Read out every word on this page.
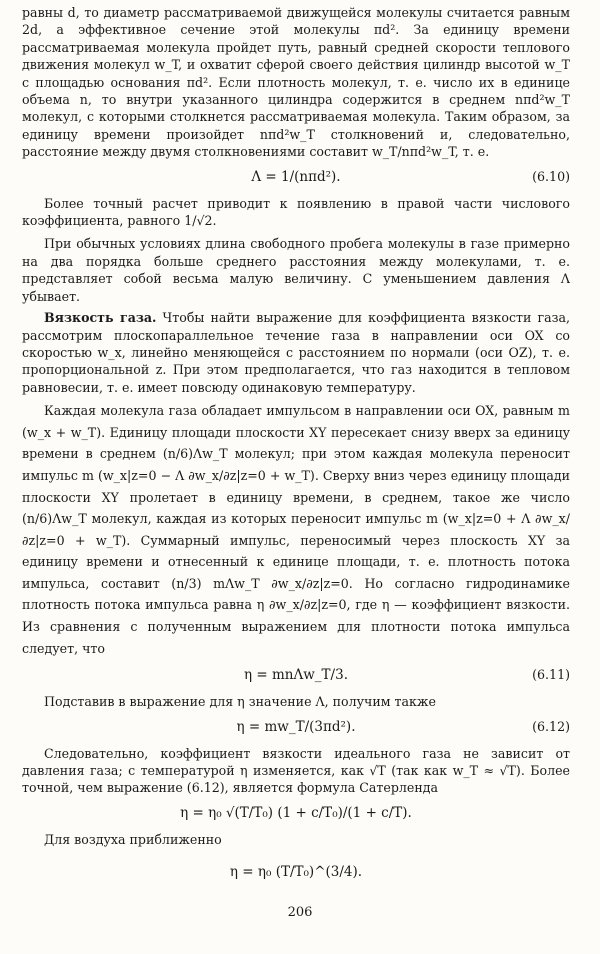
равны d, то диаметр рассматриваемой движущейся молекулы считается равным 2d, а эффективное сечение этой молекулы πd². За единицу времени рассматриваемая молекула пройдет путь, равный средней скорости теплового движения молекул w_T, и охватит сферой своего действия цилиндр высотой w_T с площадью основания πd². Если плотность молекул, т. е. число их в единице объема n, то внутри указанного цилиндра содержится в среднем nπd²w_T молекул, с которыми столкнется рассматриваемая молекула. Таким образом, за единицу времени произойдет nπd²w_T столкновений и, следовательно, расстояние между двумя столкновениями составит w_T/nπd²w_T, т. е.

Λ = 1/(nπd²).	(6.10)

Более точный расчет приводит к появлению в правой части числового коэффициента, равного 1/√2.

При обычных условиях длина свободного пробега молекулы в газе примерно на два порядка больше среднего расстояния между молекулами, т. е. представляет собой весьма малую величину. С уменьшением давления Λ убывает.

Вязкость газа. Чтобы найти выражение для коэффициента вязкости газа, рассмотрим плоскопараллельное течение газа в направлении оси OX со скоростью w_x, линейно меняющейся с расстоянием по нормали (оси OZ), т. е. пропорциональной z. При этом предполагается, что газ находится в тепловом равновесии, т. е. имеет повсюду одинаковую температуру.

Каждая молекула газа обладает импульсом в направлении оси OX, равным m (w_x + w_T). Единицу площади плоскости XY пересекает снизу вверх за единицу времени в среднем (n/6)Λw_T молекул; при этом каждая молекула переносит импульс m (w_x|z=0 − Λ ∂w_x/∂z|z=0 + w_T). Сверху вниз через единицу площади плоскости XY пролетает в единицу времени, в среднем, такое же число (n/6)Λw_T молекул, каждая из которых переносит импульс m (w_x|z=0 + Λ ∂w_x/∂z|z=0 + w_T). Суммарный импульс, переносимый через плоскость XY за единицу времени и отнесенный к единице площади, т. е. плотность потока импульса, составит (n/3) mΛw_T ∂w_x/∂z|z=0. Но согласно гидродинамике плотность потока импульса равна η ∂w_x/∂z|z=0, где η — коэффициент вязкости. Из сравнения с полученным выражением для плотности потока импульса следует, что

η = mnΛw_T/3.	(6.11)

Подставив в выражение для η значение Λ, получим также

η = mw_T/(3πd²).	(6.12)

Следовательно, коэффициент вязкости идеального газа не зависит от давления газа; с температурой η изменяется, как √T (так как w_T ≈ √T). Более точной, чем выражение (6.12), является формула Сатерленда

η = η₀ √(T/T₀) (1 + c/T₀)/(1 + c/T).

Для воздуха приближенно

η = η₀ (T/T₀)^(3/4).
206
